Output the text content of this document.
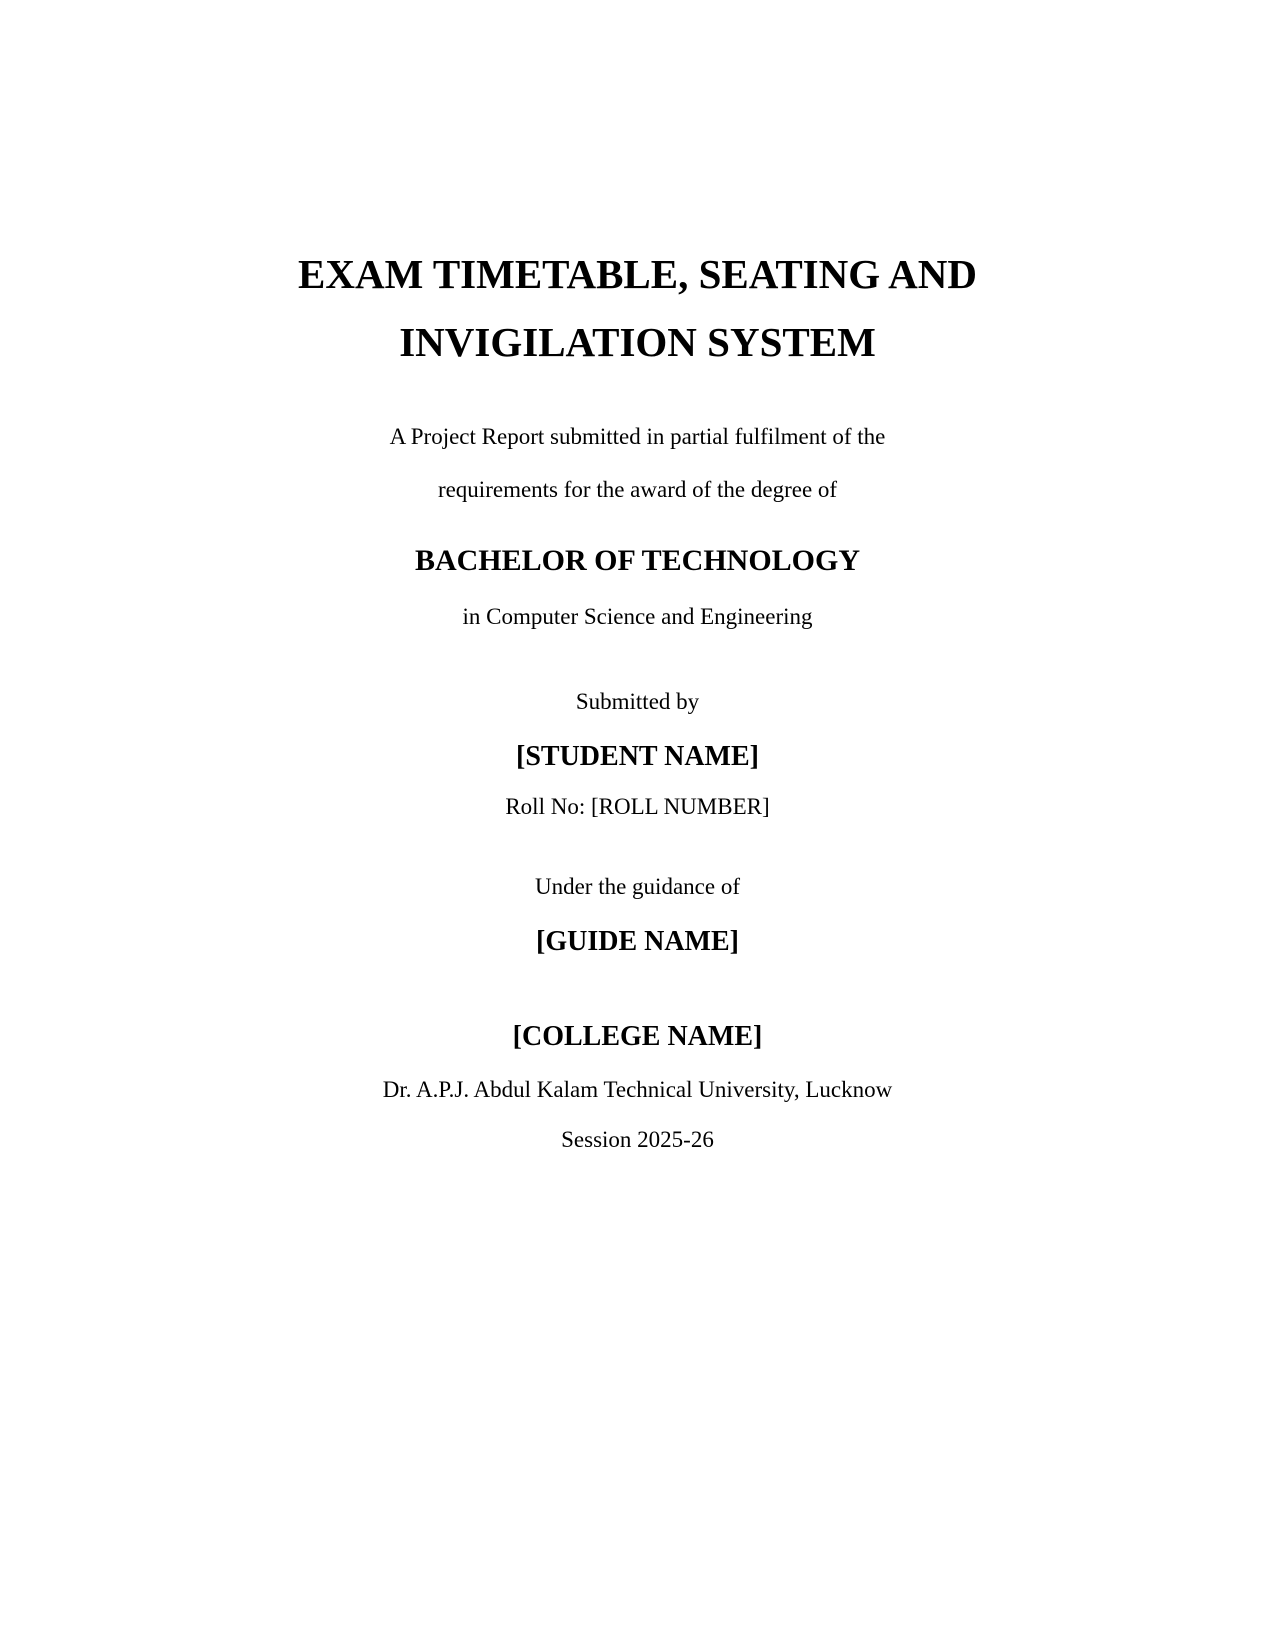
EXAM TIMETABLE, SEATING AND
INVIGILATION SYSTEM
A Project Report submitted in partial fulfilment of the
requirements for the award of the degree of
BACHELOR OF TECHNOLOGY
in Computer Science and Engineering
Submitted by
[STUDENT NAME]
Roll No: [ROLL NUMBER]
Under the guidance of
[GUIDE NAME]
[COLLEGE NAME]
Dr. A.P.J. Abdul Kalam Technical University, Lucknow
Session 2025-26
